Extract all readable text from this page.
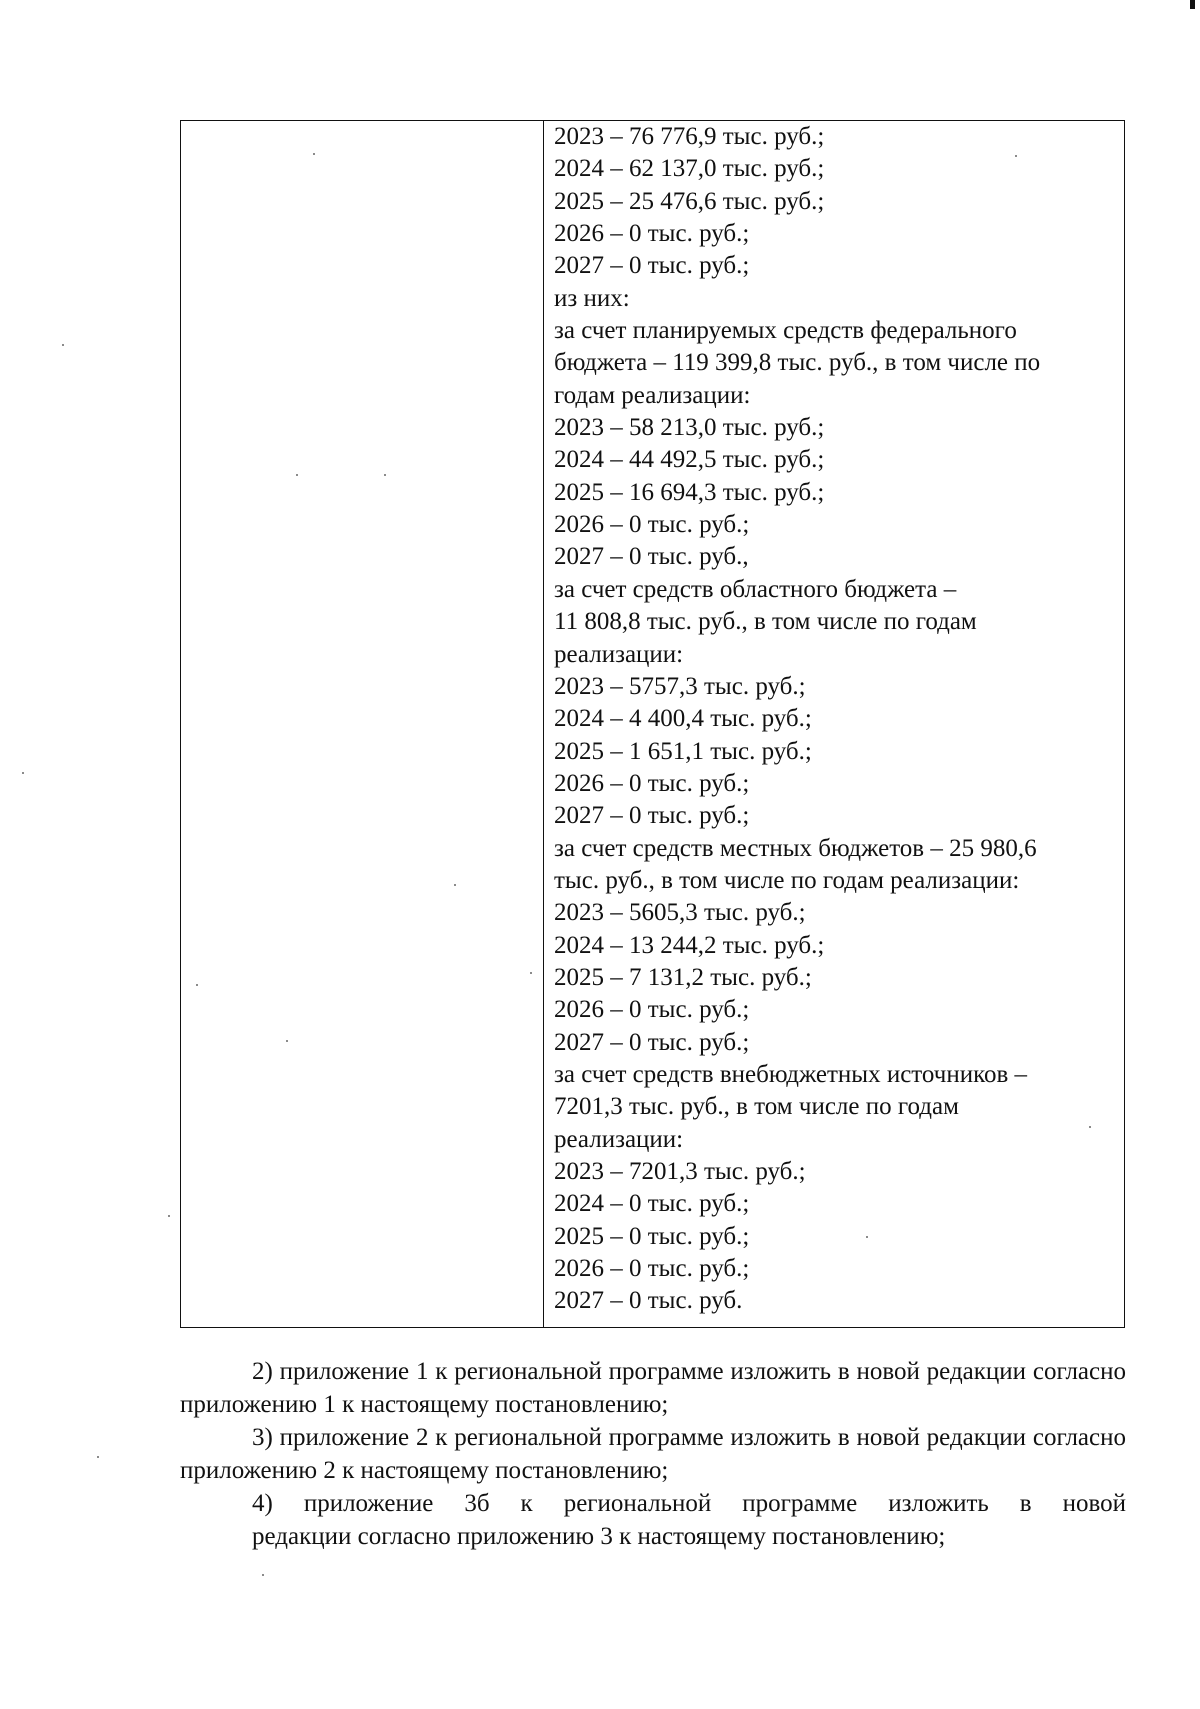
2023 – 76 776,9 тыс. руб.;
2024 – 62 137,0 тыс. руб.;
2025 – 25 476,6 тыс. руб.;
2026 – 0 тыс. руб.;
2027 – 0 тыс. руб.;
из них:
за счет планируемых средств федерального
бюджета – 119 399,8 тыс. руб., в том числе по
годам реализации:
2023 – 58 213,0 тыс. руб.;
2024 – 44 492,5 тыс. руб.;
2025 – 16 694,3 тыс. руб.;
2026 – 0 тыс. руб.;
2027 – 0 тыс. руб.,
за счет средств областного бюджета –
11 808,8 тыс. руб., в том числе по годам
реализации:
2023 – 5757,3 тыс. руб.;
2024 – 4 400,4 тыс. руб.;
2025 – 1 651,1 тыс. руб.;
2026 – 0 тыс. руб.;
2027 – 0 тыс. руб.;
за счет средств местных бюджетов – 25 980,6
тыс. руб., в том числе по годам реализации:
2023 – 5605,3 тыс. руб.;
2024 – 13 244,2 тыс. руб.;
2025 – 7 131,2 тыс. руб.;
2026 – 0 тыс. руб.;
2027 – 0 тыс. руб.;
за счет средств внебюджетных источников –
7201,3 тыс. руб., в том числе по годам
реализации:
2023 – 7201,3 тыс. руб.;
2024 – 0 тыс. руб.;
2025 – 0 тыс. руб.;
2026 – 0 тыс. руб.;
2027 – 0 тыс. руб.

2) приложение 1 к региональной программе изложить в новой редакции согласно приложению 1 к настоящему постановлению;

3) приложение 2 к региональной программе изложить в новой редакции согласно приложению 2 к настоящему постановлению;

4) приложение 3б к региональной программе изложить в новой
редакции согласно приложению 3 к настоящему постановлению;
